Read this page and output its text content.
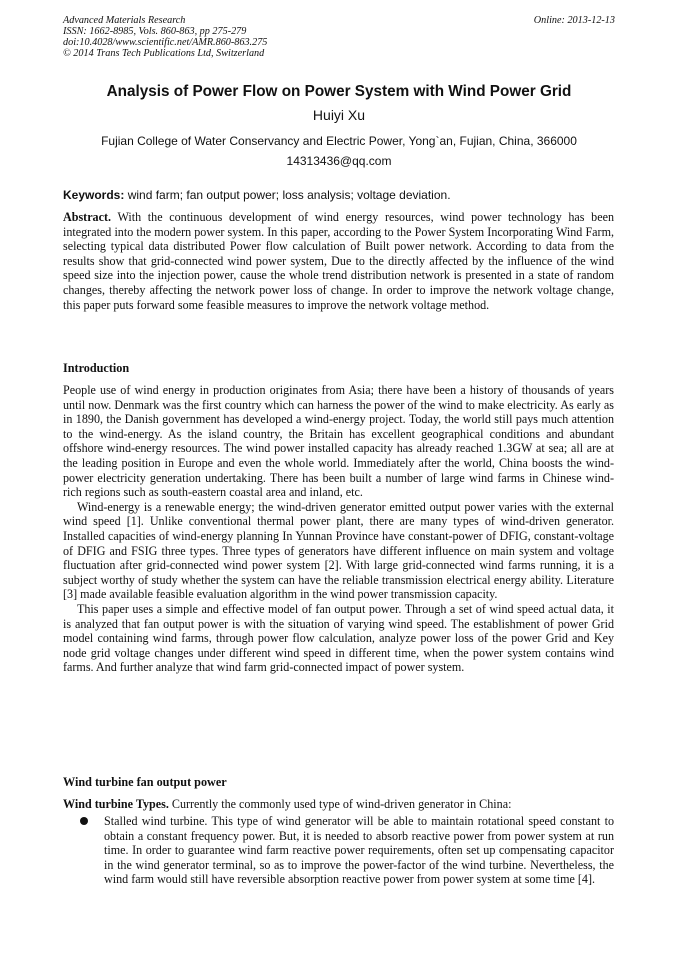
Advanced Materials Research
ISSN: 1662-8985, Vols. 860-863, pp 275-279
doi:10.4028/www.scientific.net/AMR.860-863.275
© 2014 Trans Tech Publications Ltd, Switzerland
Online: 2013-12-13
Analysis of Power Flow on Power System with Wind Power Grid
Huiyi Xu
Fujian College of Water Conservancy and Electric Power, Yong`an, Fujian, China, 366000
14313436@qq.com
Keywords: wind farm; fan output power; loss analysis; voltage deviation.
Abstract. With the continuous development of wind energy resources, wind power technology has been integrated into the modern power system. In this paper, according to the Power System Incorporating Wind Farm, selecting typical data distributed Power flow calculation of Built power network. According to data from the results show that grid-connected wind power system, Due to the directly affected by the influence of the wind speed size into the injection power, cause the whole trend distribution network is presented in a state of random changes, thereby affecting the network power loss of change. In order to improve the network voltage change, this paper puts forward some feasible measures to improve the network voltage method.
Introduction

People use of wind energy in production originates from Asia; there have been a history of thousands of years until now. Denmark was the first country which can harness the power of the wind to make electricity. As early as in 1890, the Danish government has developed a wind-energy project. Today, the world still pays much attention to the wind-energy. As the island country, the Britain has excellent geographical conditions and abundant offshore wind-energy resources. The wind power installed capacity has already reached 1.3GW at sea; all are at the leading position in Europe and even the whole world. Immediately after the world, China boosts the wind-power electricity generation undertaking. There has been built a number of large wind farms in Chinese wind-rich regions such as south-eastern coastal area and inland, etc.

Wind-energy is a renewable energy; the wind-driven generator emitted output power varies with the external wind speed [1]. Unlike conventional thermal power plant, there are many types of wind-driven generator. Installed capacities of wind-energy planning In Yunnan Province have constant-power of DFIG, constant-voltage of DFIG and FSIG three types. Three types of generators have different influence on main system and voltage fluctuation after grid-connected wind power system [2]. With large grid-connected wind farms running, it is a subject worthy of study whether the system can have the reliable transmission electrical energy ability. Literature [3] made available feasible evaluation algorithm in the wind power transmission capacity.

This paper uses a simple and effective model of fan output power. Through a set of wind speed actual data, it is analyzed that fan output power is with the situation of varying wind speed. The establishment of power Grid model containing wind farms, through power flow calculation, analyze power loss of the power Grid and Key node grid voltage changes under different wind speed in different time, when the power system contains wind farms. And further analyze that wind farm grid-connected impact of power system.

Wind turbine fan output power
Wind turbine Types. Currently the commonly used type of wind-driven generator in China:
Stalled wind turbine. This type of wind generator will be able to maintain rotational speed constant to obtain a constant frequency power. But, it is needed to absorb reactive power from power system at run time. In order to guarantee wind farm reactive power requirements, often set up compensating capacitor in the wind generator terminal, so as to improve the power-factor of the wind turbine. Nevertheless, the wind farm would still have reversible absorption reactive power from power system at some time [4].
